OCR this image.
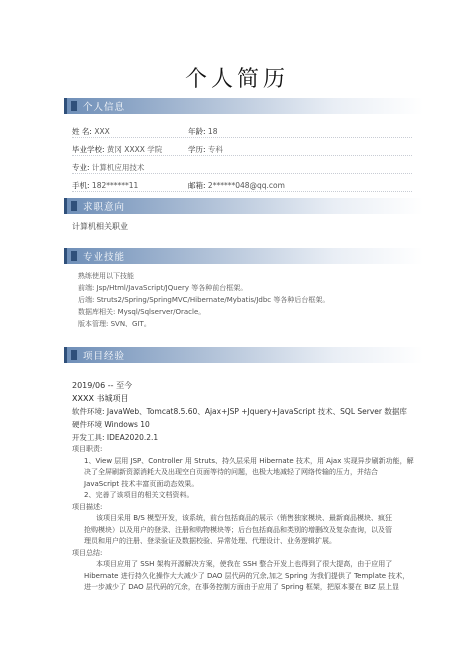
个人简历
个人信息
姓 名: XXX	年龄: 18
毕业学校: 黄冈 XXXX 学院	学历: 专科
专业: 计算机应用技术
手机: 182******11	邮箱: 2******048@qq.com
求职意向
计算机相关职业
专业技能
熟练使用以下技能
前端: Jsp/Html/JavaScript/JQuery 等各种前台框架。
后端: Struts2/Spring/SpringMVC/Hibernate/Mybatis/Jdbc 等各种后台框架。
数据库相关: Mysql/Sqlserver/Oracle。
版本管理: SVN、GIT。
项目经验
2019/06 -- 至今
XXXX 书城项目
软件环境: JavaWeb、Tomcat8.5.60、Ajax+JSP +Jquery+JavaScript 技术、SQL Server 数据库
硬件环境 Windows 10
开发工具: IDEA2020.2.1
项目职责:
1、View 层用 JSP、Controller 用 Struts、持久层采用 Hibernate 技术，用 Ajax 实现异步刷新功能，解
决了全屏刷新资源消耗大及出现空白页面等待的问题，也极大地减轻了网络传输的压力，并结合
JavaScript 技术丰富页面动态效果。
2、完善了该项目的相关文档资料。
项目描述:
该项目采用 B/S 模型开发，该系统，前台包括商品的展示（销售独家模块、最新商品模块、疯狂
抢购模块）以及用户的登录、注册和购物模块等；后台包括商品和类别的增删改及复杂查询，以及管
理员和用户的注册、登录验证及数据校验、异常处理、代理设计、业务逻辑扩展。
项目总结:
本项目应用了 SSH 架构开源解决方案，使我在 SSH 整合开发上也得到了很大提高，由于应用了
Hibernate 进行持久化操作大大减少了 DAO 层代码的冗余,加之 Spring 为我们提供了 Template 技术，
进一步减少了 DAO 层代码的冗余，在事务控制方面由于应用了 Spring 框架，把原本要在 BIZ 层上显
